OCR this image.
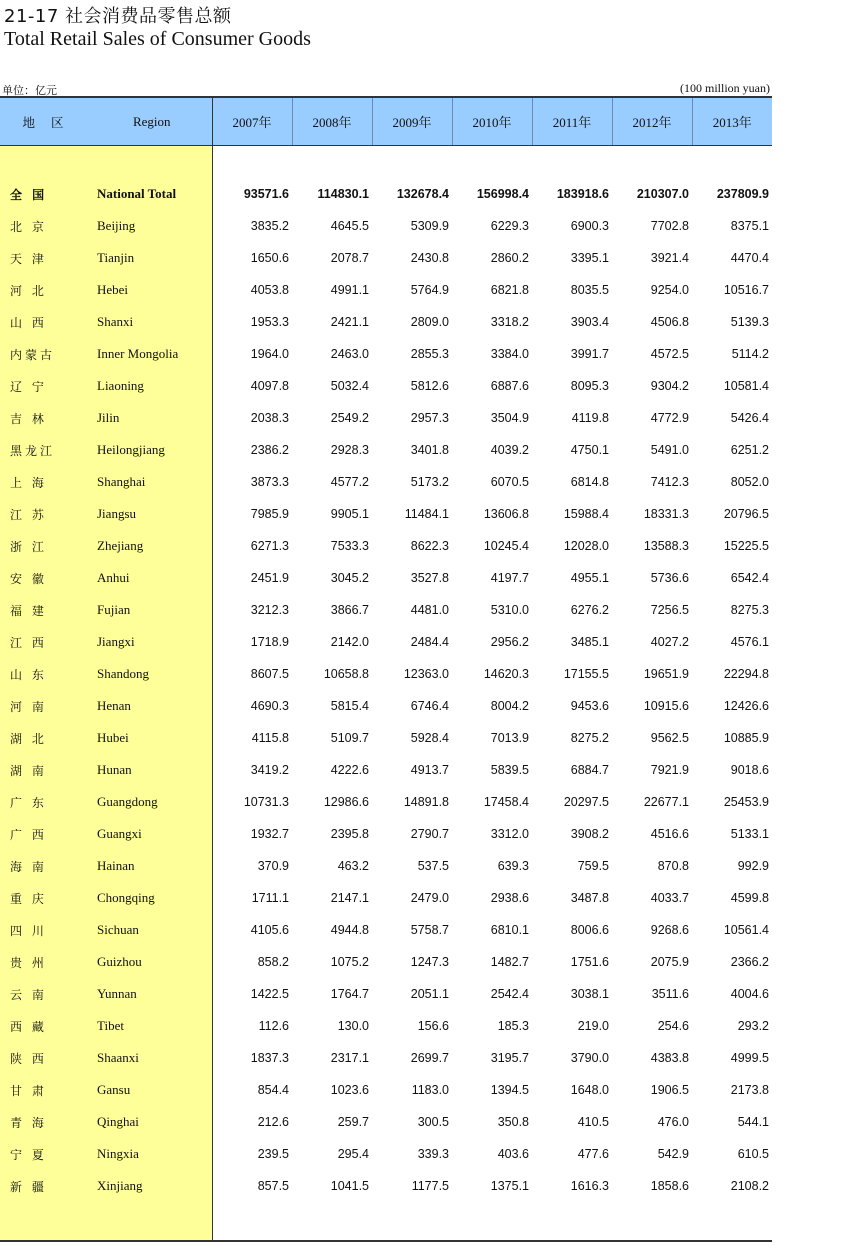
21-17 社会消费品零售总额
Total Retail Sales of Consumer Goods
单位：亿元	(100 million yuan)
地 区	Region	2007年	2008年	2009年	2010年	2011年	2012年	2013年

全 国	National Total	93571.6	114830.1	132678.4	156998.4	183918.6	210307.0	237809.9
北 京	Beijing	3835.2	4645.5	5309.9	6229.3	6900.3	7702.8	8375.1
天 津	Tianjin	1650.6	2078.7	2430.8	2860.2	3395.1	3921.4	4470.4
河 北	Hebei	4053.8	4991.1	5764.9	6821.8	8035.5	9254.0	10516.7
山 西	Shanxi	1953.3	2421.1	2809.0	3318.2	3903.4	4506.8	5139.3
内蒙古	Inner Mongolia	1964.0	2463.0	2855.3	3384.0	3991.7	4572.5	5114.2
辽 宁	Liaoning	4097.8	5032.4	5812.6	6887.6	8095.3	9304.2	10581.4
吉 林	Jilin	2038.3	2549.2	2957.3	3504.9	4119.8	4772.9	5426.4
黑龙江	Heilongjiang	2386.2	2928.3	3401.8	4039.2	4750.1	5491.0	6251.2
上 海	Shanghai	3873.3	4577.2	5173.2	6070.5	6814.8	7412.3	8052.0
江 苏	Jiangsu	7985.9	9905.1	11484.1	13606.8	15988.4	18331.3	20796.5
浙 江	Zhejiang	6271.3	7533.3	8622.3	10245.4	12028.0	13588.3	15225.5
安 徽	Anhui	2451.9	3045.2	3527.8	4197.7	4955.1	5736.6	6542.4
福 建	Fujian	3212.3	3866.7	4481.0	5310.0	6276.2	7256.5	8275.3
江 西	Jiangxi	1718.9	2142.0	2484.4	2956.2	3485.1	4027.2	4576.1
山 东	Shandong	8607.5	10658.8	12363.0	14620.3	17155.5	19651.9	22294.8
河 南	Henan	4690.3	5815.4	6746.4	8004.2	9453.6	10915.6	12426.6
湖 北	Hubei	4115.8	5109.7	5928.4	7013.9	8275.2	9562.5	10885.9
湖 南	Hunan	3419.2	4222.6	4913.7	5839.5	6884.7	7921.9	9018.6
广 东	Guangdong	10731.3	12986.6	14891.8	17458.4	20297.5	22677.1	25453.9
广 西	Guangxi	1932.7	2395.8	2790.7	3312.0	3908.2	4516.6	5133.1
海 南	Hainan	370.9	463.2	537.5	639.3	759.5	870.8	992.9
重 庆	Chongqing	1711.1	2147.1	2479.0	2938.6	3487.8	4033.7	4599.8
四 川	Sichuan	4105.6	4944.8	5758.7	6810.1	8006.6	9268.6	10561.4
贵 州	Guizhou	858.2	1075.2	1247.3	1482.7	1751.6	2075.9	2366.2
云 南	Yunnan	1422.5	1764.7	2051.1	2542.4	3038.1	3511.6	4004.6
西 藏	Tibet	112.6	130.0	156.6	185.3	219.0	254.6	293.2
陕 西	Shaanxi	1837.3	2317.1	2699.7	3195.7	3790.0	4383.8	4999.5
甘 肃	Gansu	854.4	1023.6	1183.0	1394.5	1648.0	1906.5	2173.8
青 海	Qinghai	212.6	259.7	300.5	350.8	410.5	476.0	544.1
宁 夏	Ningxia	239.5	295.4	339.3	403.6	477.6	542.9	610.5
新 疆	Xinjiang	857.5	1041.5	1177.5	1375.1	1616.3	1858.6	2108.2
